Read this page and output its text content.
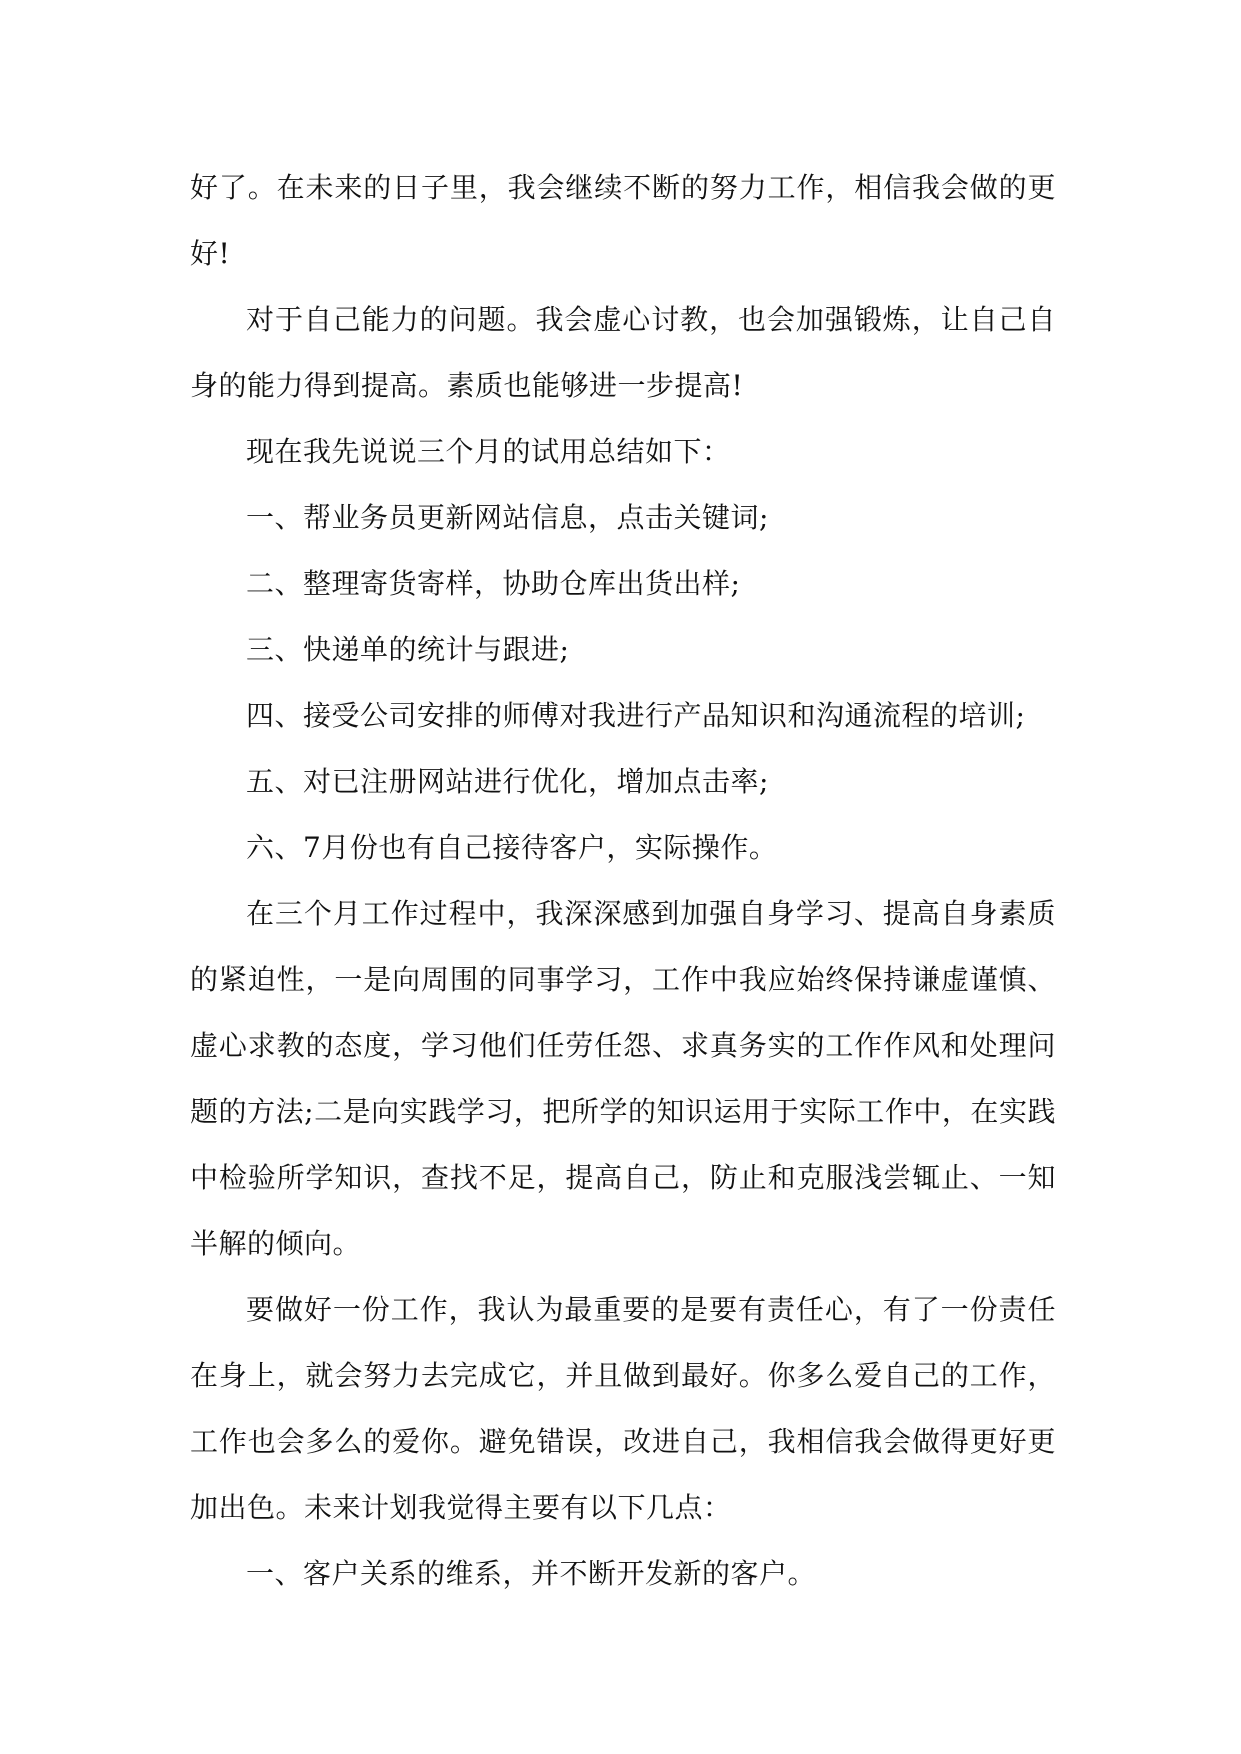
好了。在未来的日子里，我会继续不断的努力工作，相信我会做的更好!

对于自己能力的问题。我会虚心讨教，也会加强锻炼，让自己自身的能力得到提高。素质也能够进一步提高!

现在我先说说三个月的试用总结如下：

一、帮业务员更新网站信息，点击关键词;

二、整理寄货寄样，协助仓库出货出样;

三、快递单的统计与跟进;

四、接受公司安排的师傅对我进行产品知识和沟通流程的培训;

五、对已注册网站进行优化，增加点击率;

六、7月份也有自己接待客户，实际操作。

在三个月工作过程中，我深深感到加强自身学习、提高自身素质的紧迫性，一是向周围的同事学习，工作中我应始终保持谦虚谨慎、虚心求教的态度，学习他们任劳任怨、求真务实的工作作风和处理问题的方法;二是向实践学习，把所学的知识运用于实际工作中，在实践中检验所学知识，查找不足，提高自己，防止和克服浅尝辄止、一知半解的倾向。

要做好一份工作，我认为最重要的是要有责任心，有了一份责任在身上，就会努力去完成它，并且做到最好。你多么爱自己的工作，工作也会多么的爱你。避免错误，改进自己，我相信我会做得更好更加出色。未来计划我觉得主要有以下几点：

一、客户关系的维系，并不断开发新的客户。
